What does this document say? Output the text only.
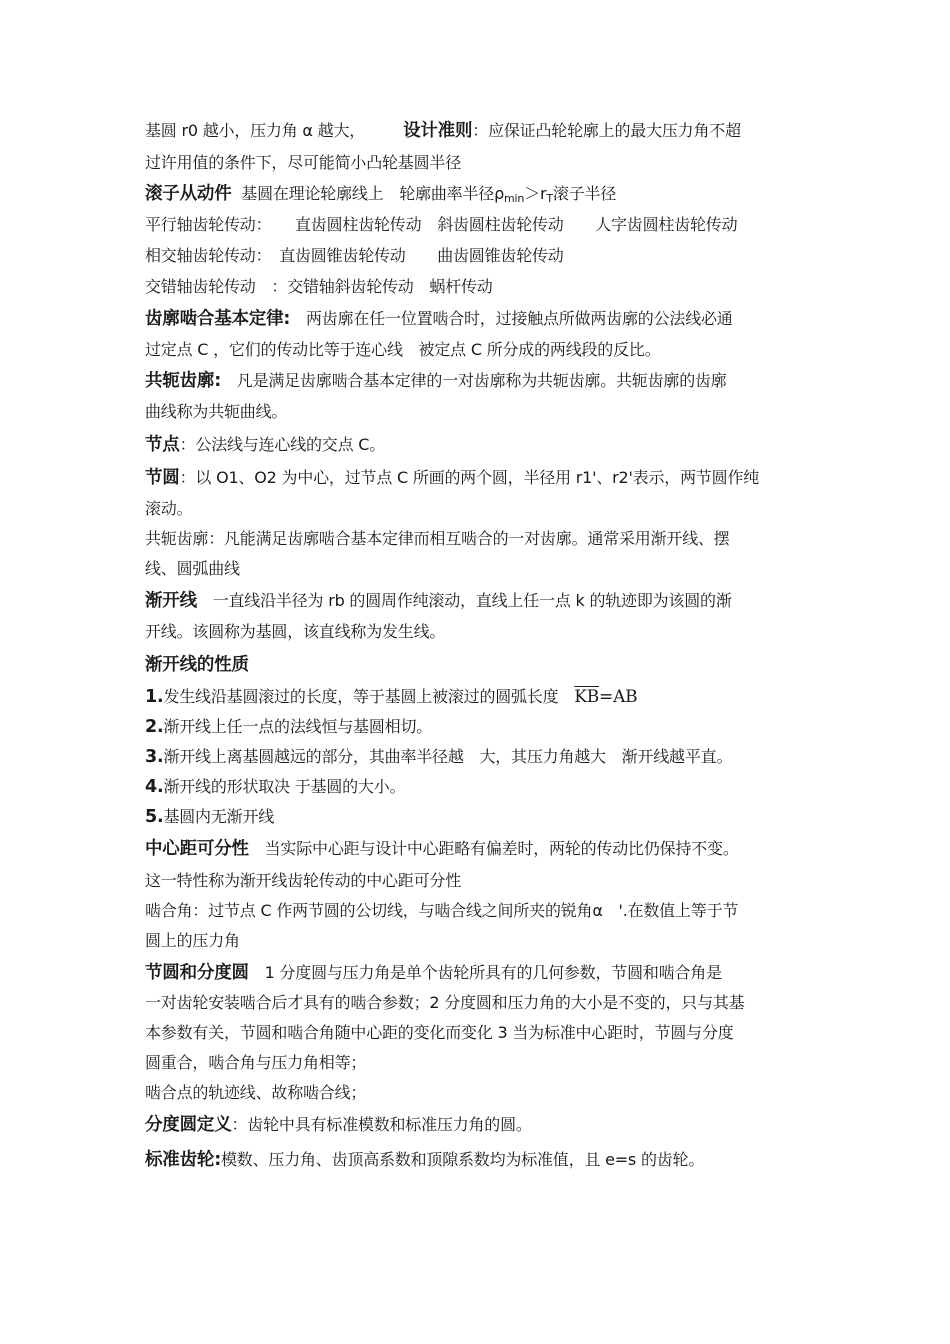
基圆 r0 越小，压力角 α 越大， 设计准则：应保证凸轮轮廓上的最大压力角不超
过许用值的条件下，尽可能简小凸轮基圆半径
滚子从动件 基圆在理论轮廓线上　轮廓曲率半径$\rho_{min}>r_T$滚子半径
平行轴齿轮传动：　　直齿圆柱齿轮传动　斜齿圆柱齿轮传动　　人字齿圆柱齿轮传动
相交轴齿轮传动：　直齿圆锥齿轮传动　　曲齿圆锥齿轮传动
交错轴齿轮传动　：交错轴斜齿轮传动　蜗杆传动
齿廓啮合基本定律:　两齿廓在任一位置啮合时，过接触点所做两齿廓的公法线必通
过定点 C ，它们的传动比等于连心线　被定点 C 所分成的两线段的反比。
共轭齿廓:　凡是满足齿廓啮合基本定律的一对齿廓称为共轭齿廓。共轭齿廓的齿廓
曲线称为共轭曲线。
节点：公法线与连心线的交点 C。
节圆：以 O1、O2 为中心，过节点 C 所画的两个圆，半径用 r1'、r2'表示，两节圆作纯
滚动。
共轭齿廓：凡能满足齿廓啮合基本定律而相互啮合的一对齿廓。通常采用渐开线、摆
线、圆弧曲线
渐开线　一直线沿半径为 rb 的圆周作纯滚动，直线上任一点 k 的轨迹即为该圆的渐
开线。该圆称为基圆，该直线称为发生线。
渐开线的性质
1.发生线沿基圆滚过的长度，等于基圆上被滚过的圆弧长度　$\overline{KB}=AB$
2.渐开线上任一点的法线恒与基圆相切。
3.渐开线上离基圆越远的部分，其曲率半径越　大，其压力角越大　渐开线越平直。
4.渐开线的形状取决 于基圆的大小。
5.基圆内无渐开线
中心距可分性　当实际中心距与设计中心距略有偏差时，两轮的传动比仍保持不变。
这一特性称为渐开线齿轮传动的中心距可分性
啮合角：过节点 C 作两节圆的公切线，与啮合线之间所夹的锐角α　'.在数值上等于节
圆上的压力角
节圆和分度圆　1 分度圆与压力角是单个齿轮所具有的几何参数，节圆和啮合角是
一对齿轮安装啮合后才具有的啮合参数；2 分度圆和压力角的大小是不变的，只与其基
本参数有关，节圆和啮合角随中心距的变化而变化 3 当为标准中心距时，节圆与分度
圆重合，啮合角与压力角相等；
啮合点的轨迹线、故称啮合线；
分度圆定义：齿轮中具有标准模数和标准压力角的圆。
标准齿轮:模数、压力角、齿顶高系数和顶隙系数均为标准值，且 e=s 的齿轮。
